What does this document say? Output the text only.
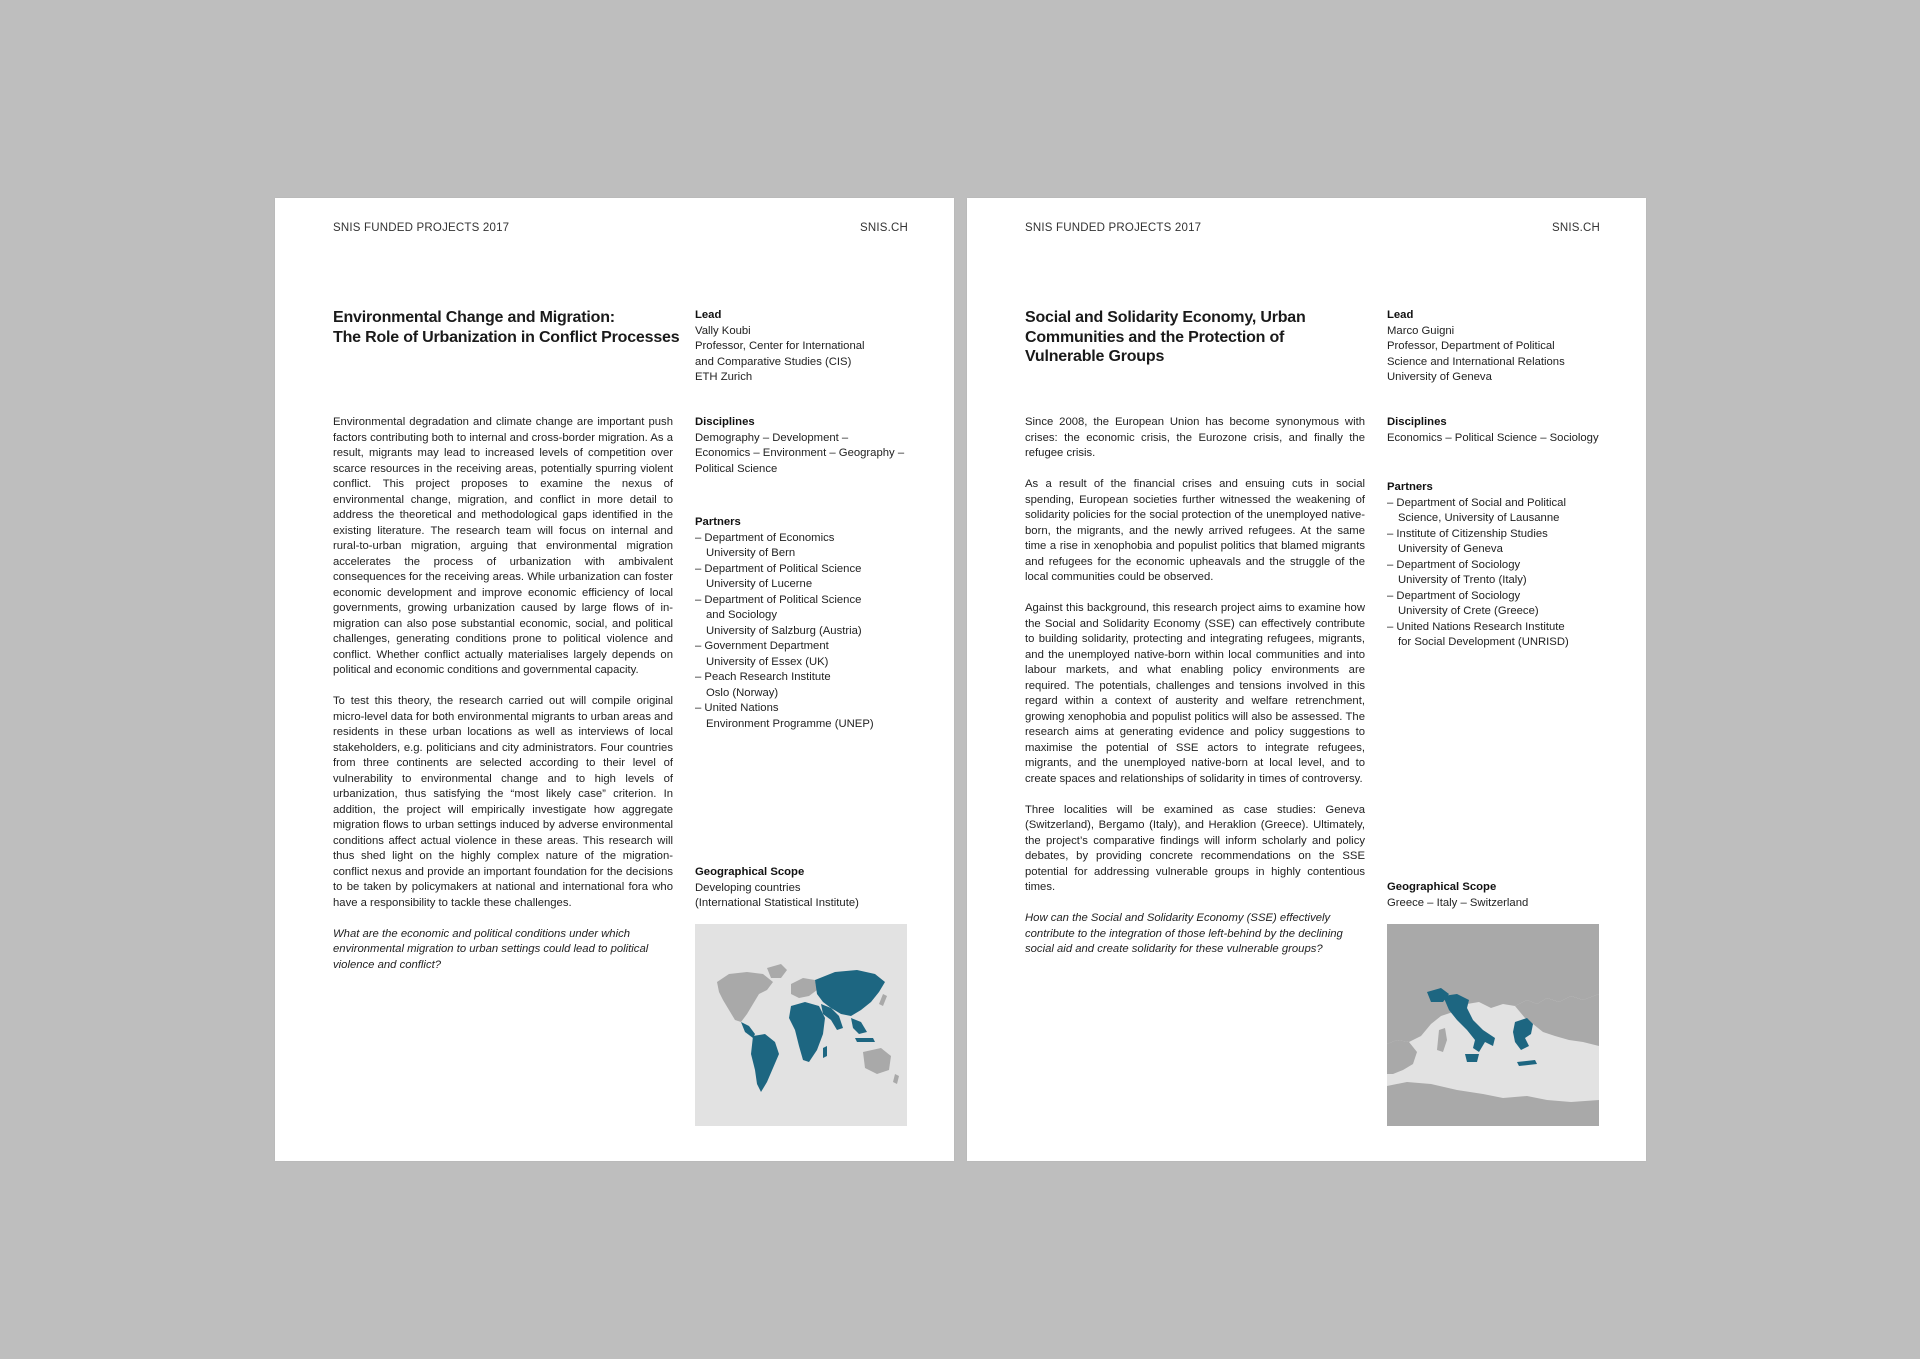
SNIS FUNDED PROJECTS 2017	SNIS.CH
Environmental Change and Migration:
The Role of Urbanization in Conflict Processes

Environmental degradation and climate change are important push factors contributing both to internal and cross-border migration. As a result, migrants may lead to increased levels of competition over scarce resources in the receiving areas, potentially spurring violent conflict. This project proposes to examine the nexus of environmental change, migration, and conflict in more detail to address the theoretical and methodological gaps identified in the existing literature. The research team will focus on internal and rural-to-urban migration, arguing that environmental migration accelerates the process of urbanization with ambivalent consequences for the receiving areas. While urbanization can foster economic development and improve economic efficiency of local governments, growing urbanization caused by large flows of in-migration can also pose substantial economic, social, and political challenges, generating conditions prone to political violence and conflict. Whether conflict actually materialises largely depends on political and economic conditions and governmental capacity.

To test this theory, the research carried out will compile original micro-level data for both environmental migrants to urban areas and residents in these urban locations as well as interviews of local stakeholders, e.g. politicians and city administrators. Four countries from three continents are selected according to their level of vulnerability to environmental change and to high levels of urbanization, thus satisfying the “most likely case” criterion. In addition, the project will empirically investigate how aggregate migration flows to urban settings induced by adverse environmental conditions affect actual violence in these areas. This research will thus shed light on the highly complex nature of the migration-conflict nexus and provide an important foundation for the decisions to be taken by policymakers at national and international fora who have a responsibility to tackle these challenges.

What are the economic and political conditions under which environmental migration to urban settings could lead to political violence and conflict?

Lead
Vally Koubi
Professor, Center for International
and Comparative Studies (CIS)
ETH Zurich
Disciplines
Demography – Development –
Economics – Environment – Geography –
Political Science
Partners
– Department of Economics
University of Bern
– Department of Political Science
University of Lucerne
– Department of Political Science
and Sociology
University of Salzburg (Austria)
– Government Department
University of Essex (UK)
– Peach Research Institute
Oslo (Norway)
– United Nations
Environment Programme (UNEP)
Geographical Scope
Developing countries
(International Statistical Institute)
SNIS FUNDED PROJECTS 2017	SNIS.CH
Social and Solidarity Economy, Urban
Communities and the Protection of
Vulnerable Groups

Since 2008, the European Union has become synonymous with crises: the economic crisis, the Eurozone crisis, and finally the refugee crisis.

As a result of the financial crises and ensuing cuts in social spending, European societies further witnessed the weakening of solidarity policies for the social protection of the unemployed native-born, the migrants, and the newly arrived refugees. At the same time a rise in xenophobia and populist politics that blamed migrants and refugees for the economic upheavals and the struggle of the local communities could be observed.

Against this background, this research project aims to examine how the Social and Solidarity Economy (SSE) can effectively contribute to building solidarity, protecting and integrating refugees, migrants, and the unemployed native-born within local communities and into labour markets, and what enabling policy environments are required. The potentials, challenges and tensions involved in this regard within a context of austerity and welfare retrenchment, growing xenophobia and populist politics will also be assessed. The research aims at generating evidence and policy suggestions to maximise the potential of SSE actors to integrate refugees, migrants, and the unemployed native-born at local level, and to create spaces and relationships of solidarity in times of controversy.

Three localities will be examined as case studies: Geneva (Switzerland), Bergamo (Italy), and Heraklion (Greece). Ultimately, the project’s comparative findings will inform scholarly and policy debates, by providing concrete recommendations on the SSE potential for addressing vulnerable groups in highly contentious times.

How can the Social and Solidarity Economy (SSE) effectively contribute to the integration of those left-behind by the declining social aid and create solidarity for these vulnerable groups?

Lead
Marco Guigni
Professor, Department of Political
Science and International Relations
University of Geneva
Disciplines
Economics – Political Science – Sociology
Partners
– Department of Social and Political
Science, University of Lausanne
– Institute of Citizenship Studies
University of Geneva
– Department of Sociology
University of Trento (Italy)
– Department of Sociology
University of Crete (Greece)
– United Nations Research Institute
for Social Development (UNRISD)
Geographical Scope
Greece – Italy – Switzerland
